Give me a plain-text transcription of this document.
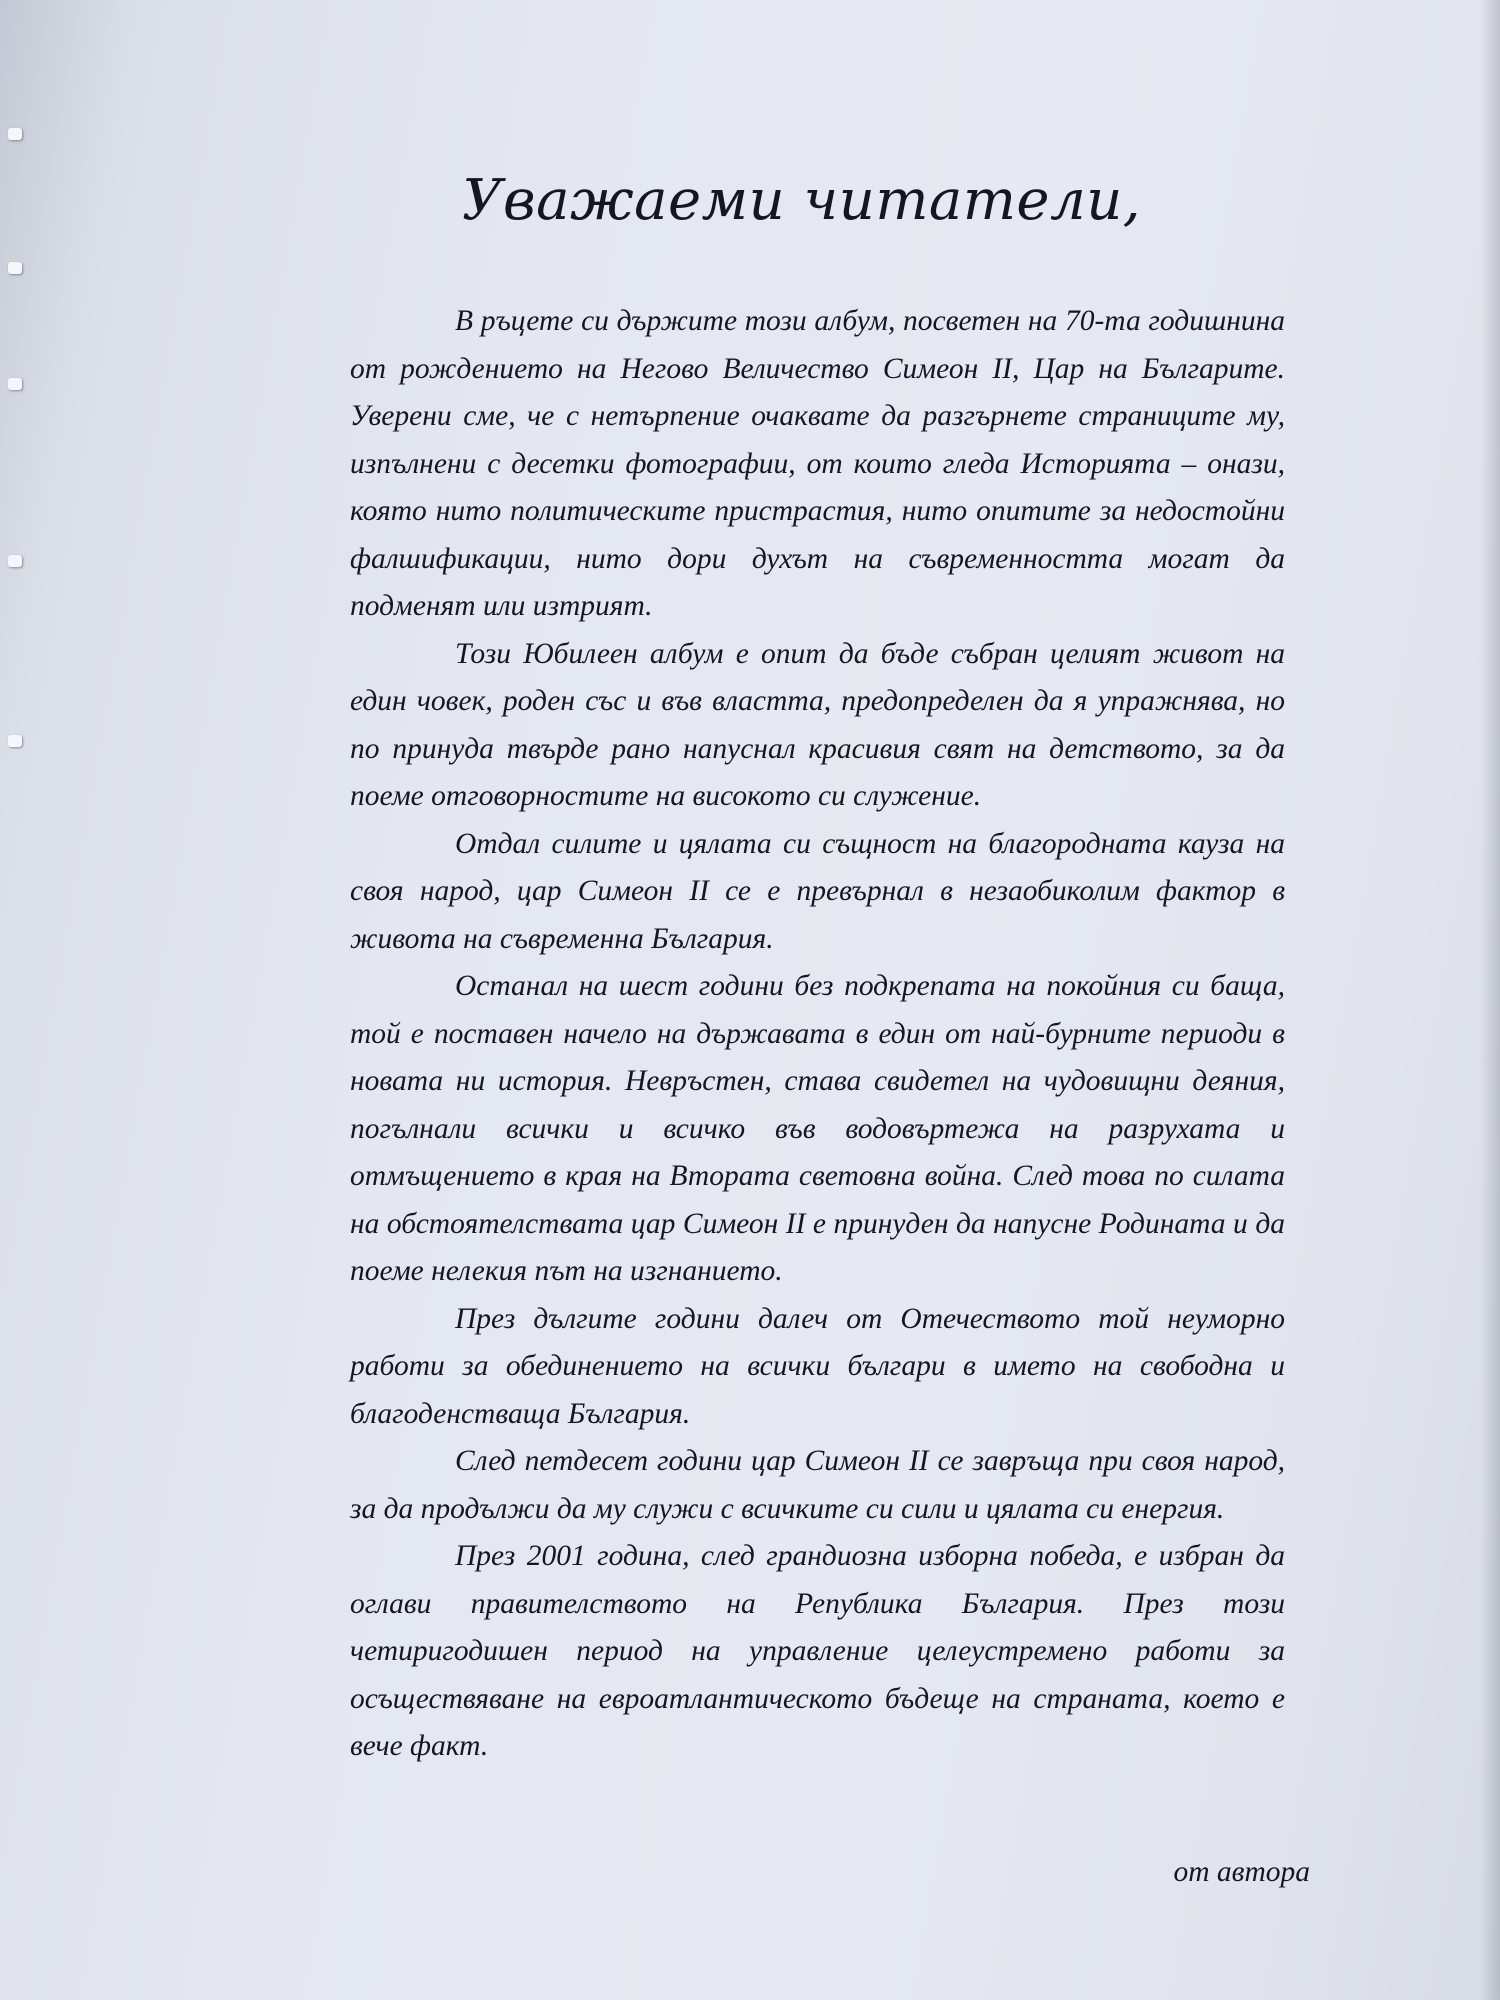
Уважаеми читатели,

В ръцете си държите този албум, посветен на 70-та годишнина от рождението на Негово Величество Симеон II, Цар на Българите. Уверени сме, че с нетърпение очаквате да разгърнете страниците му, изпълнени с десетки фотографии, от които гледа Историята – онази, която нито политическите пристрастия, нито опитите за недостойни фалшификации, нито дори духът на съвременността могат да подменят или изтрият.

Този Юбилеен албум е опит да бъде събран целият живот на един човек, роден със и във властта, предопределен да я упражнява, но по принуда твърде рано напуснал красивия свят на детството, за да поеме отговорностите на високото си служение.

Отдал силите и цялата си същност на благородната кауза на своя народ, цар Симеон II се е превърнал в незаобиколим фактор в живота на съвременна България.

Останал на шест години без подкрепата на покойния си баща, той е поставен начело на държавата в един от най-бурните периоди в новата ни история. Невръстен, става свидетел на чудовищни деяния, погълнали всички и всичко във водовъртежа на разрухата и отмъщението в края на Втората световна война. След това по силата на обстоятелствата цар Симеон II е принуден да напусне Родината и да поеме нелекия път на изгнанието.

През дългите години далеч от Отечеството той неуморно работи за обединението на всички българи в името на свободна и благоденстваща България.

След петдесет години цар Симеон II се завръща при своя народ, за да продължи да му служи с всичките си сили и цялата си енергия.

През 2001 година, след грандиозна изборна победа, е избран да оглави правителството на Република България. През този четиригодишен период на управление целеустремено работи за осъществяване на евроатлантическото бъдеще на страната, което е вече факт.

от автора
